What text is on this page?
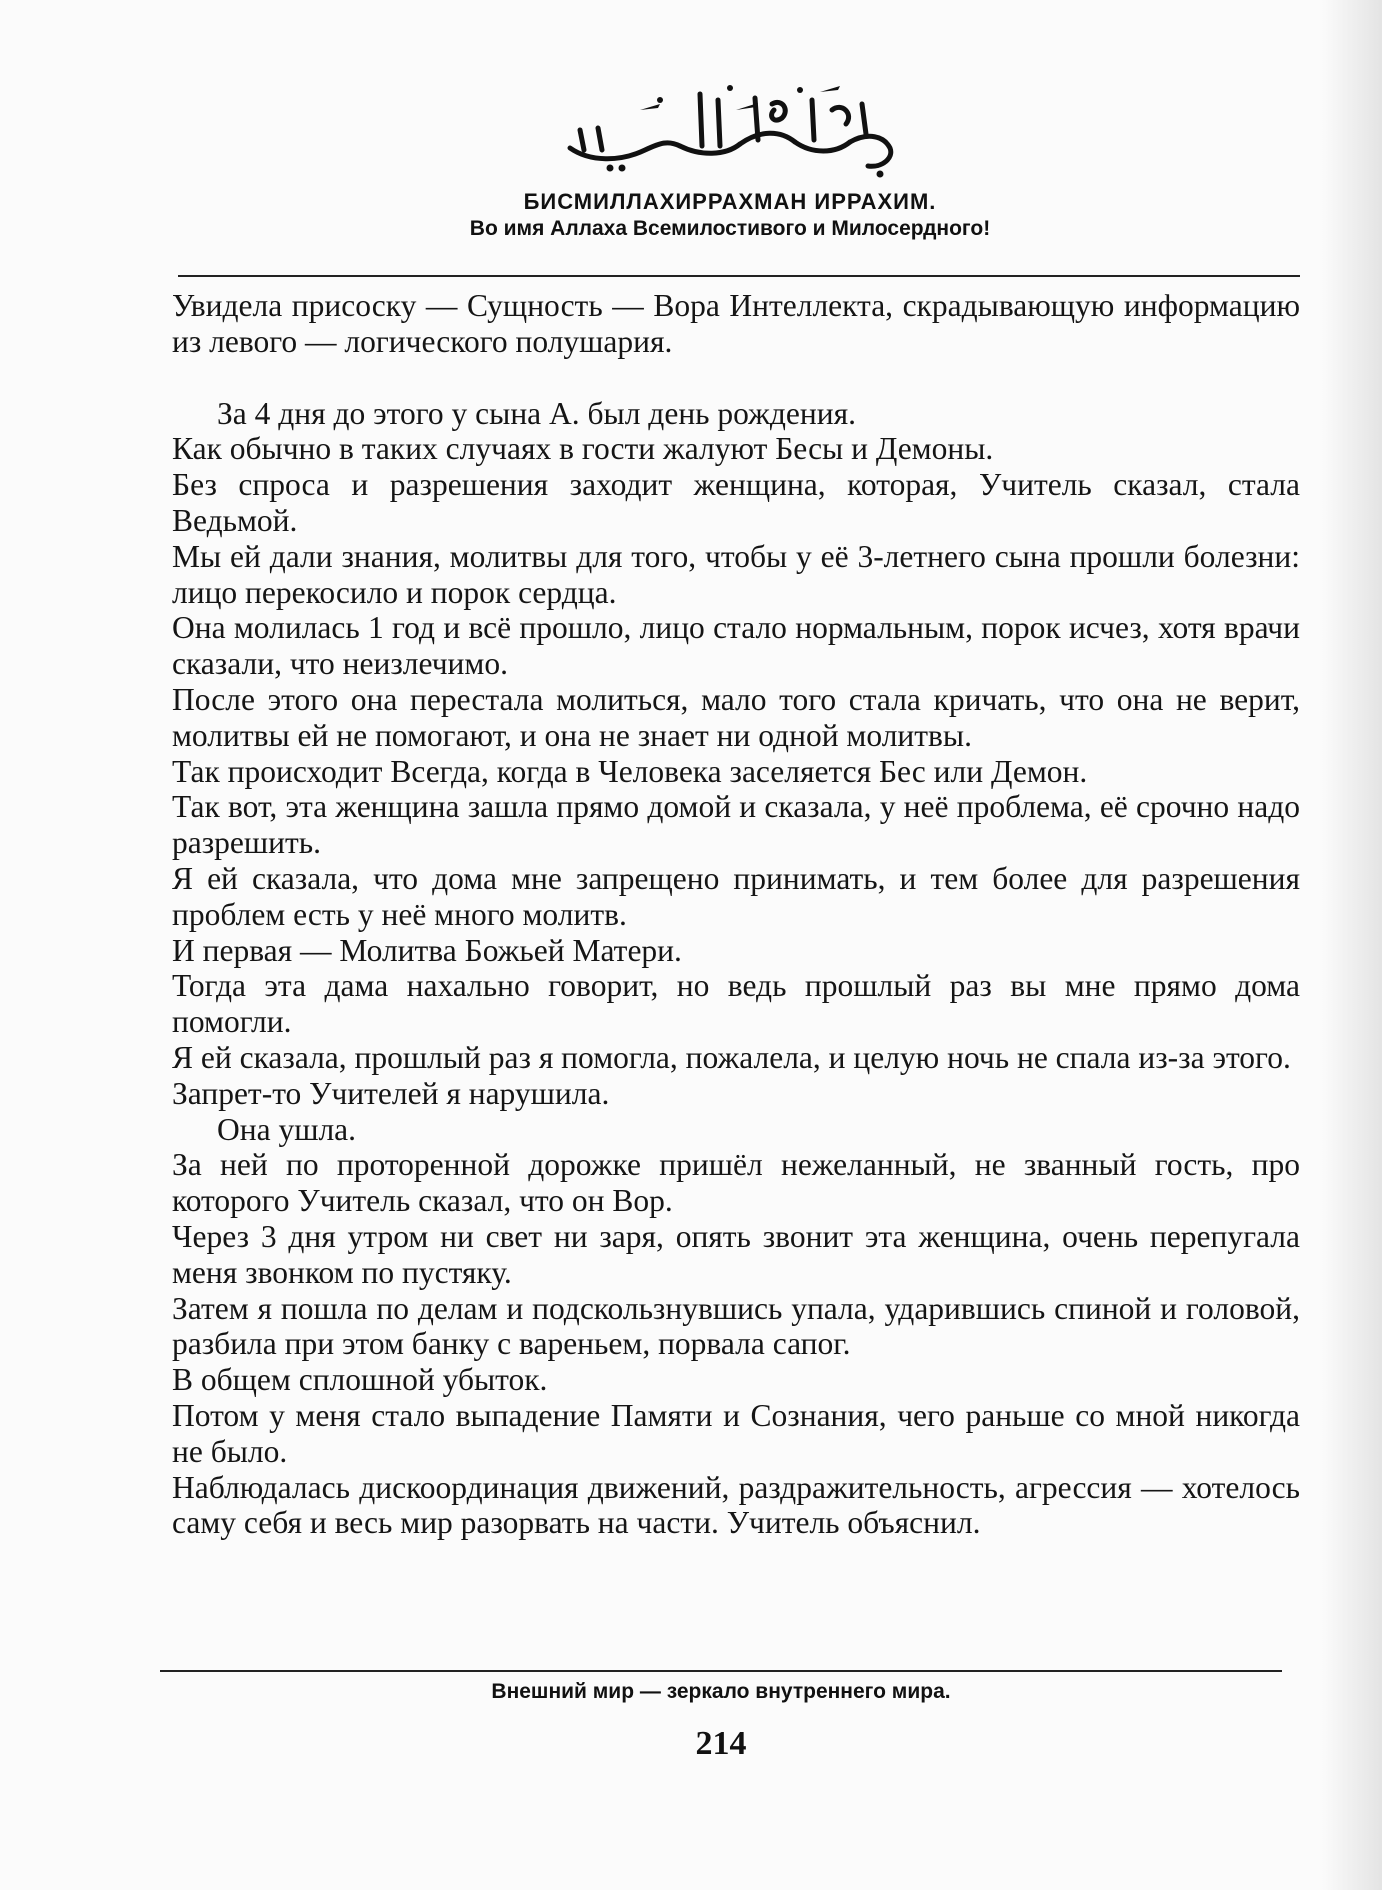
БИСМИЛЛАХИРРАХМАН ИРРАХИМ.
Во имя Аллаха Всемилостивого и Милосердного!

Увидела присоску — Сущность — Вора Интеллекта, скрадывающую информацию из левого — логического полушария.

За 4 дня до этого у сына А. был день рождения.

Как обычно в таких случаях в гости жалуют Бесы и Демоны.

Без спроса и разрешения заходит женщина, которая, Учитель сказал, стала Ведьмой.

Мы ей дали знания, молитвы для того, чтобы у её 3-летнего сына прошли болезни: лицо перекосило и порок сердца.

Она молилась 1 год и всё прошло, лицо стало нормальным, порок исчез, хотя врачи сказали, что неизлечимо.

После этого она перестала молиться, мало того стала кричать, что она не верит, молитвы ей не помогают, и она не знает ни одной молитвы.

Так происходит Всегда, когда в Человека заселяется Бес или Демон.

Так вот, эта женщина зашла прямо домой и сказала, у неё проблема, её срочно надо разрешить.

Я ей сказала, что дома мне запрещено принимать, и тем более для разрешения проблем есть у неё много молитв.

И первая — Молитва Божьей Матери.

Тогда эта дама нахально говорит, но ведь прошлый раз вы мне прямо дома помогли.

Я ей сказала, прошлый раз я помогла, пожалела, и целую ночь не спала из-за этого.

Запрет-то Учителей я нарушила.

Она ушла.

За ней по проторенной дорожке пришёл нежеланный, не званный гость, про которого Учитель сказал, что он Вор.

Через 3 дня утром ни свет ни заря, опять звонит эта женщина, очень перепугала меня звонком по пустяку.

Затем я пошла по делам и подскользнувшись упала, ударившись спиной и головой, разбила при этом банку с вареньем, порвала сапог.

В общем сплошной убыток.

Потом у меня стало выпадение Памяти и Сознания, чего раньше со мной никогда не было.

Наблюдалась дискоординация движений, раздражительность, агрессия — хотелось саму себя и весь мир разорвать на части. Учитель объяснил.

Внешний мир — зеркало внутреннего мира.
214
